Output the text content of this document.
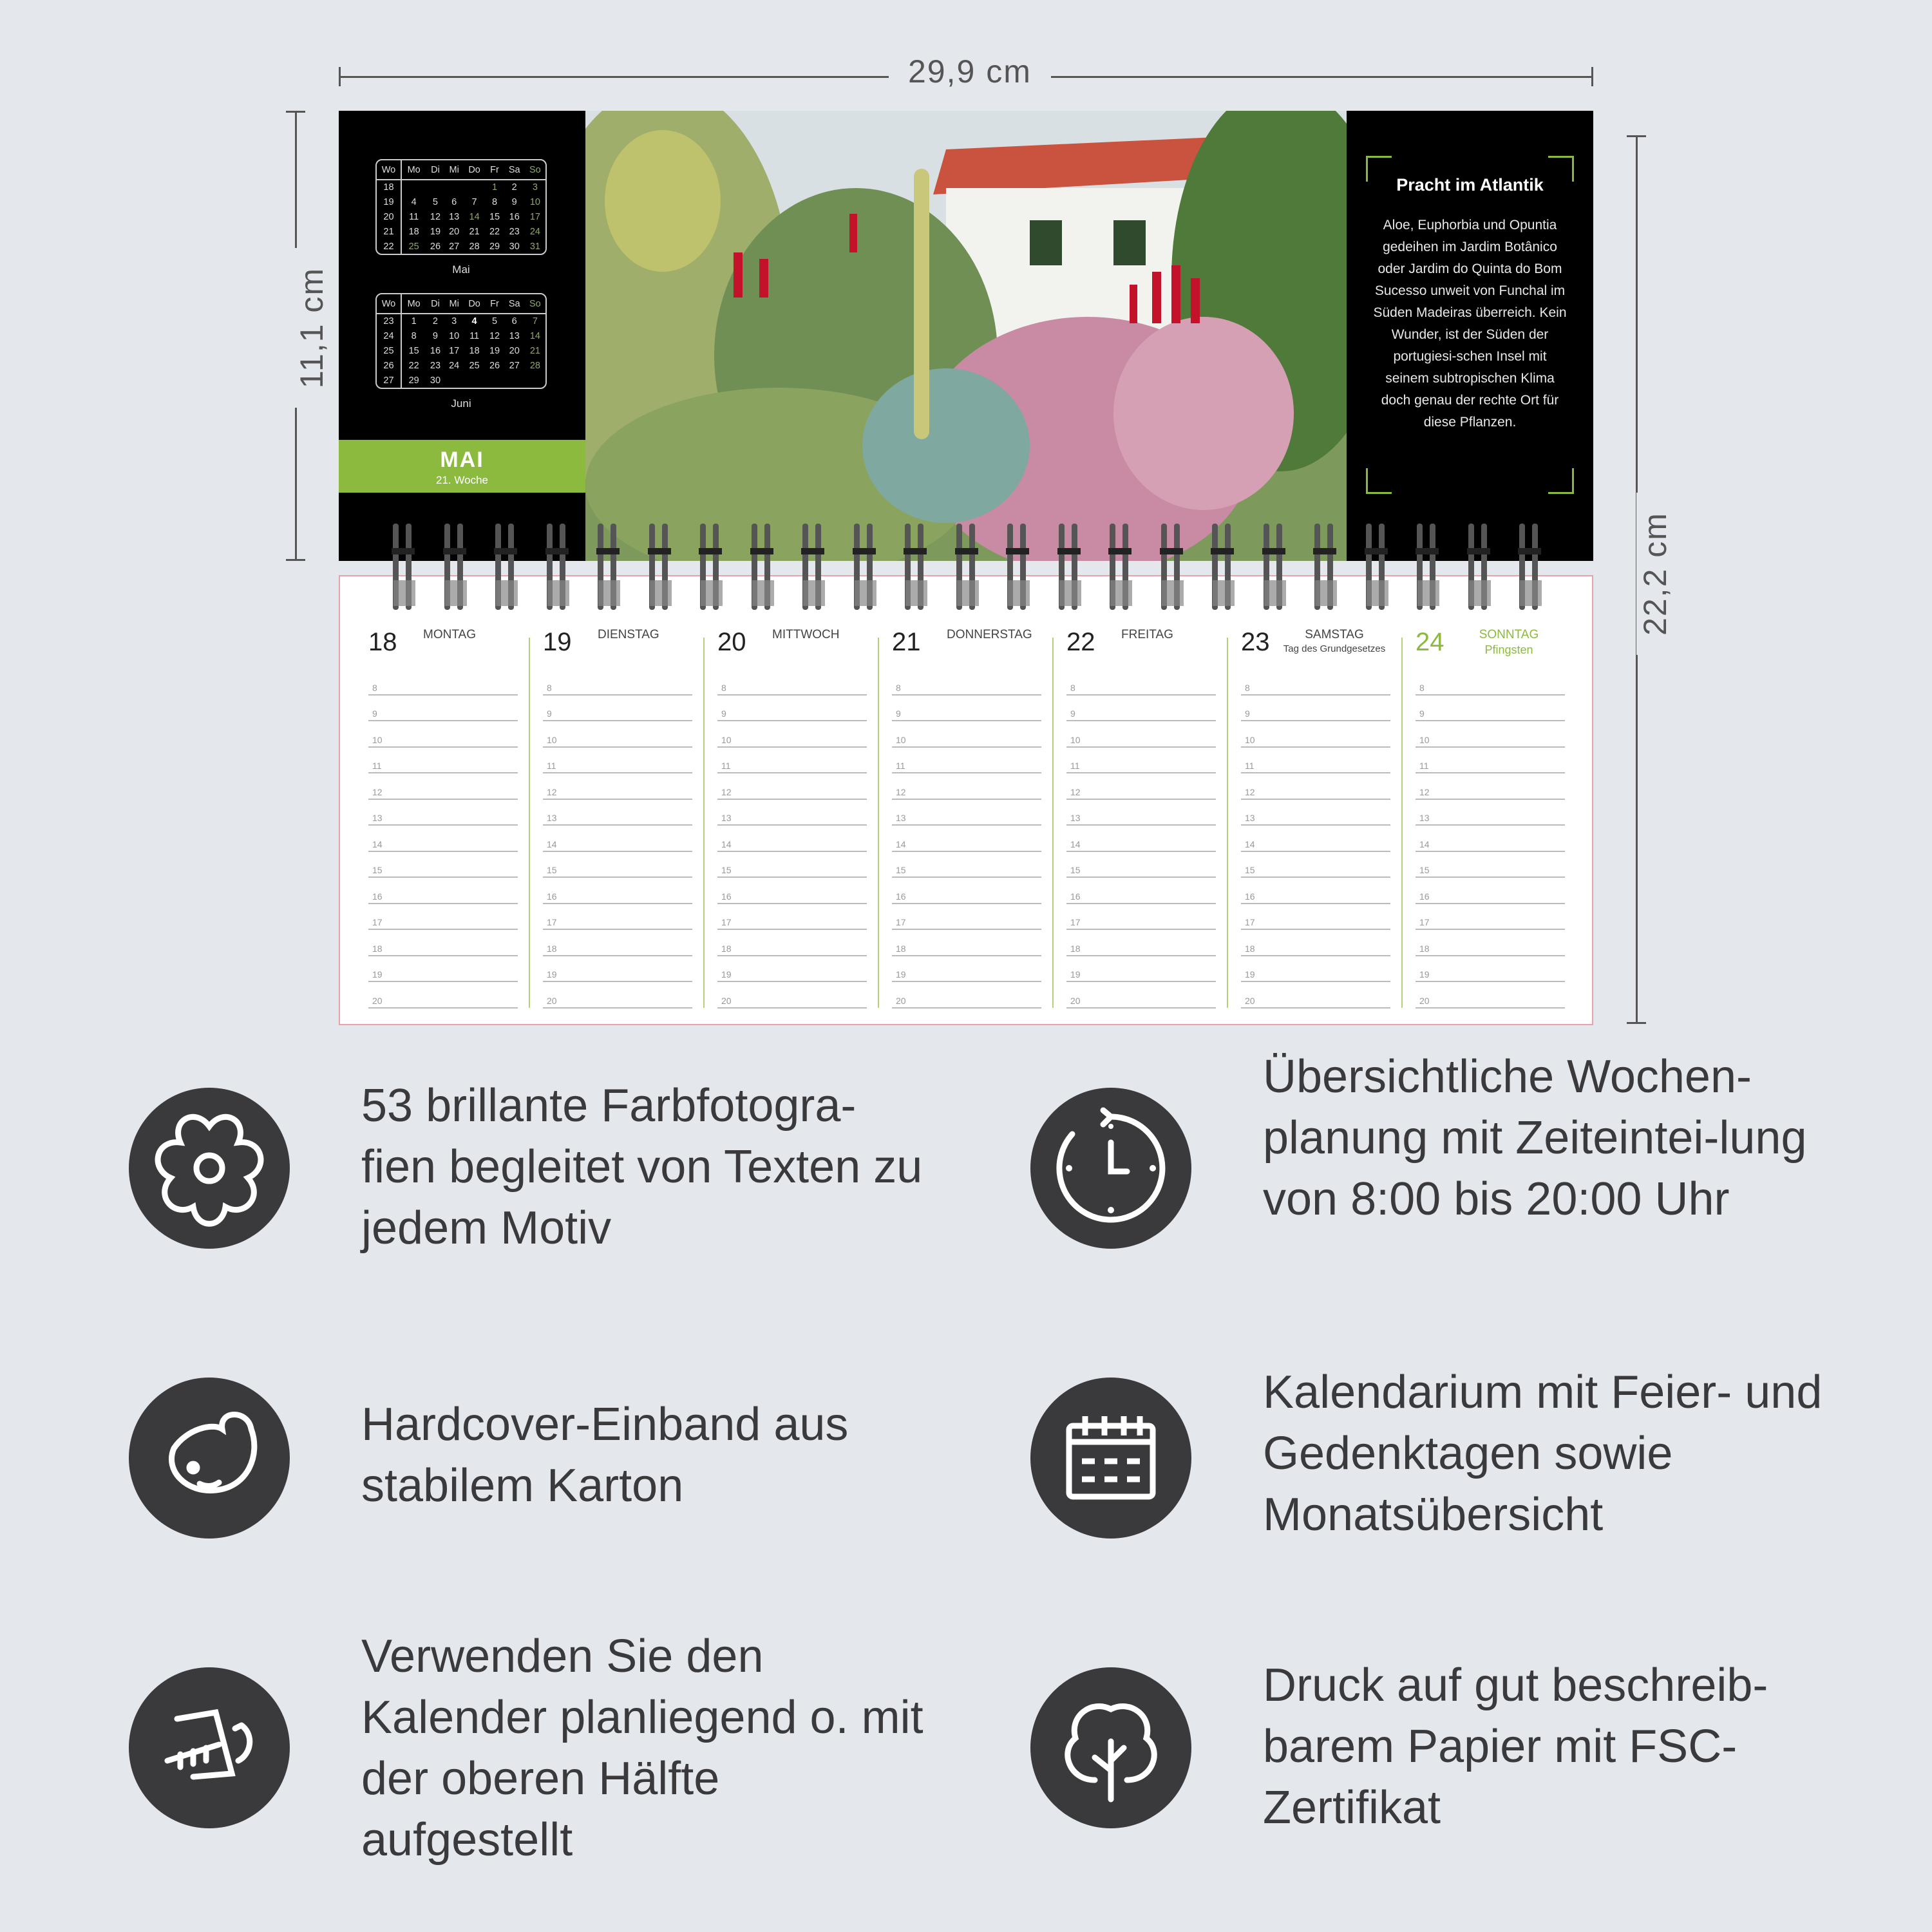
29,9 cm
11,1 cm
22,2 cm
Wo	Mo	Di	Mi	Do	Fr	Sa	So
18					1	2	3
19	4	5	6	7	8	9	10
20	11	12	13	14	15	16	17
21	18	19	20	21	22	23	24
22	25	26	27	28	29	30	31
Mai
Wo	Mo	Di	Mi	Do	Fr	Sa	So
23	1	2	3	4	5	6	7
24	8	9	10	11	12	13	14
25	15	16	17	18	19	20	21
26	22	23	24	25	26	27	28
27	29	30					
Juni
MAI
21. Woche
Pracht im Atlantik
Aloe, Euphorbia und Opuntia gedeihen im Jardim Botânico oder Jardim do Quinta do Bom Sucesso unweit von Funchal im Süden Madeiras überreich. Kein Wunder, ist der Süden der portugiesi-schen Insel mit seinem subtropischen Klima doch genau der rechte Ort für diese Pflanzen.
18 MONTAG
8
9
10
11
12
13
14
15
16
17
18
19
20
19 DIENSTAG
8
9
10
11
12
13
14
15
16
17
18
19
20
20 MITTWOCH
8
9
10
11
12
13
14
15
16
17
18
19
20
21 DONNERSTAG
8
9
10
11
12
13
14
15
16
17
18
19
20
22 FREITAG
8
9
10
11
12
13
14
15
16
17
18
19
20
23	SAMSTAG
Tag des Grundgesetzes
8
9
10
11
12
13
14
15
16
17
18
19
20
24	SONNTAG
Pfingsten
8
9
10
11
12
13
14
15
16
17
18
19
20
53 brillante Farbfotogra-fien begleitet von Texten zu jedem Motiv
Übersichtliche Wochen-planung mit Zeiteintei-lung von 8:00 bis 20:00 Uhr
Hardcover-Einband aus stabilem Karton
Kalendarium mit Feier- und Gedenktagen sowie Monatsübersicht
Verwenden Sie den Kalender planliegend o. mit der oberen Hälfte aufgestellt
Druck auf gut beschreib-barem Papier mit FSC-Zertifikat
